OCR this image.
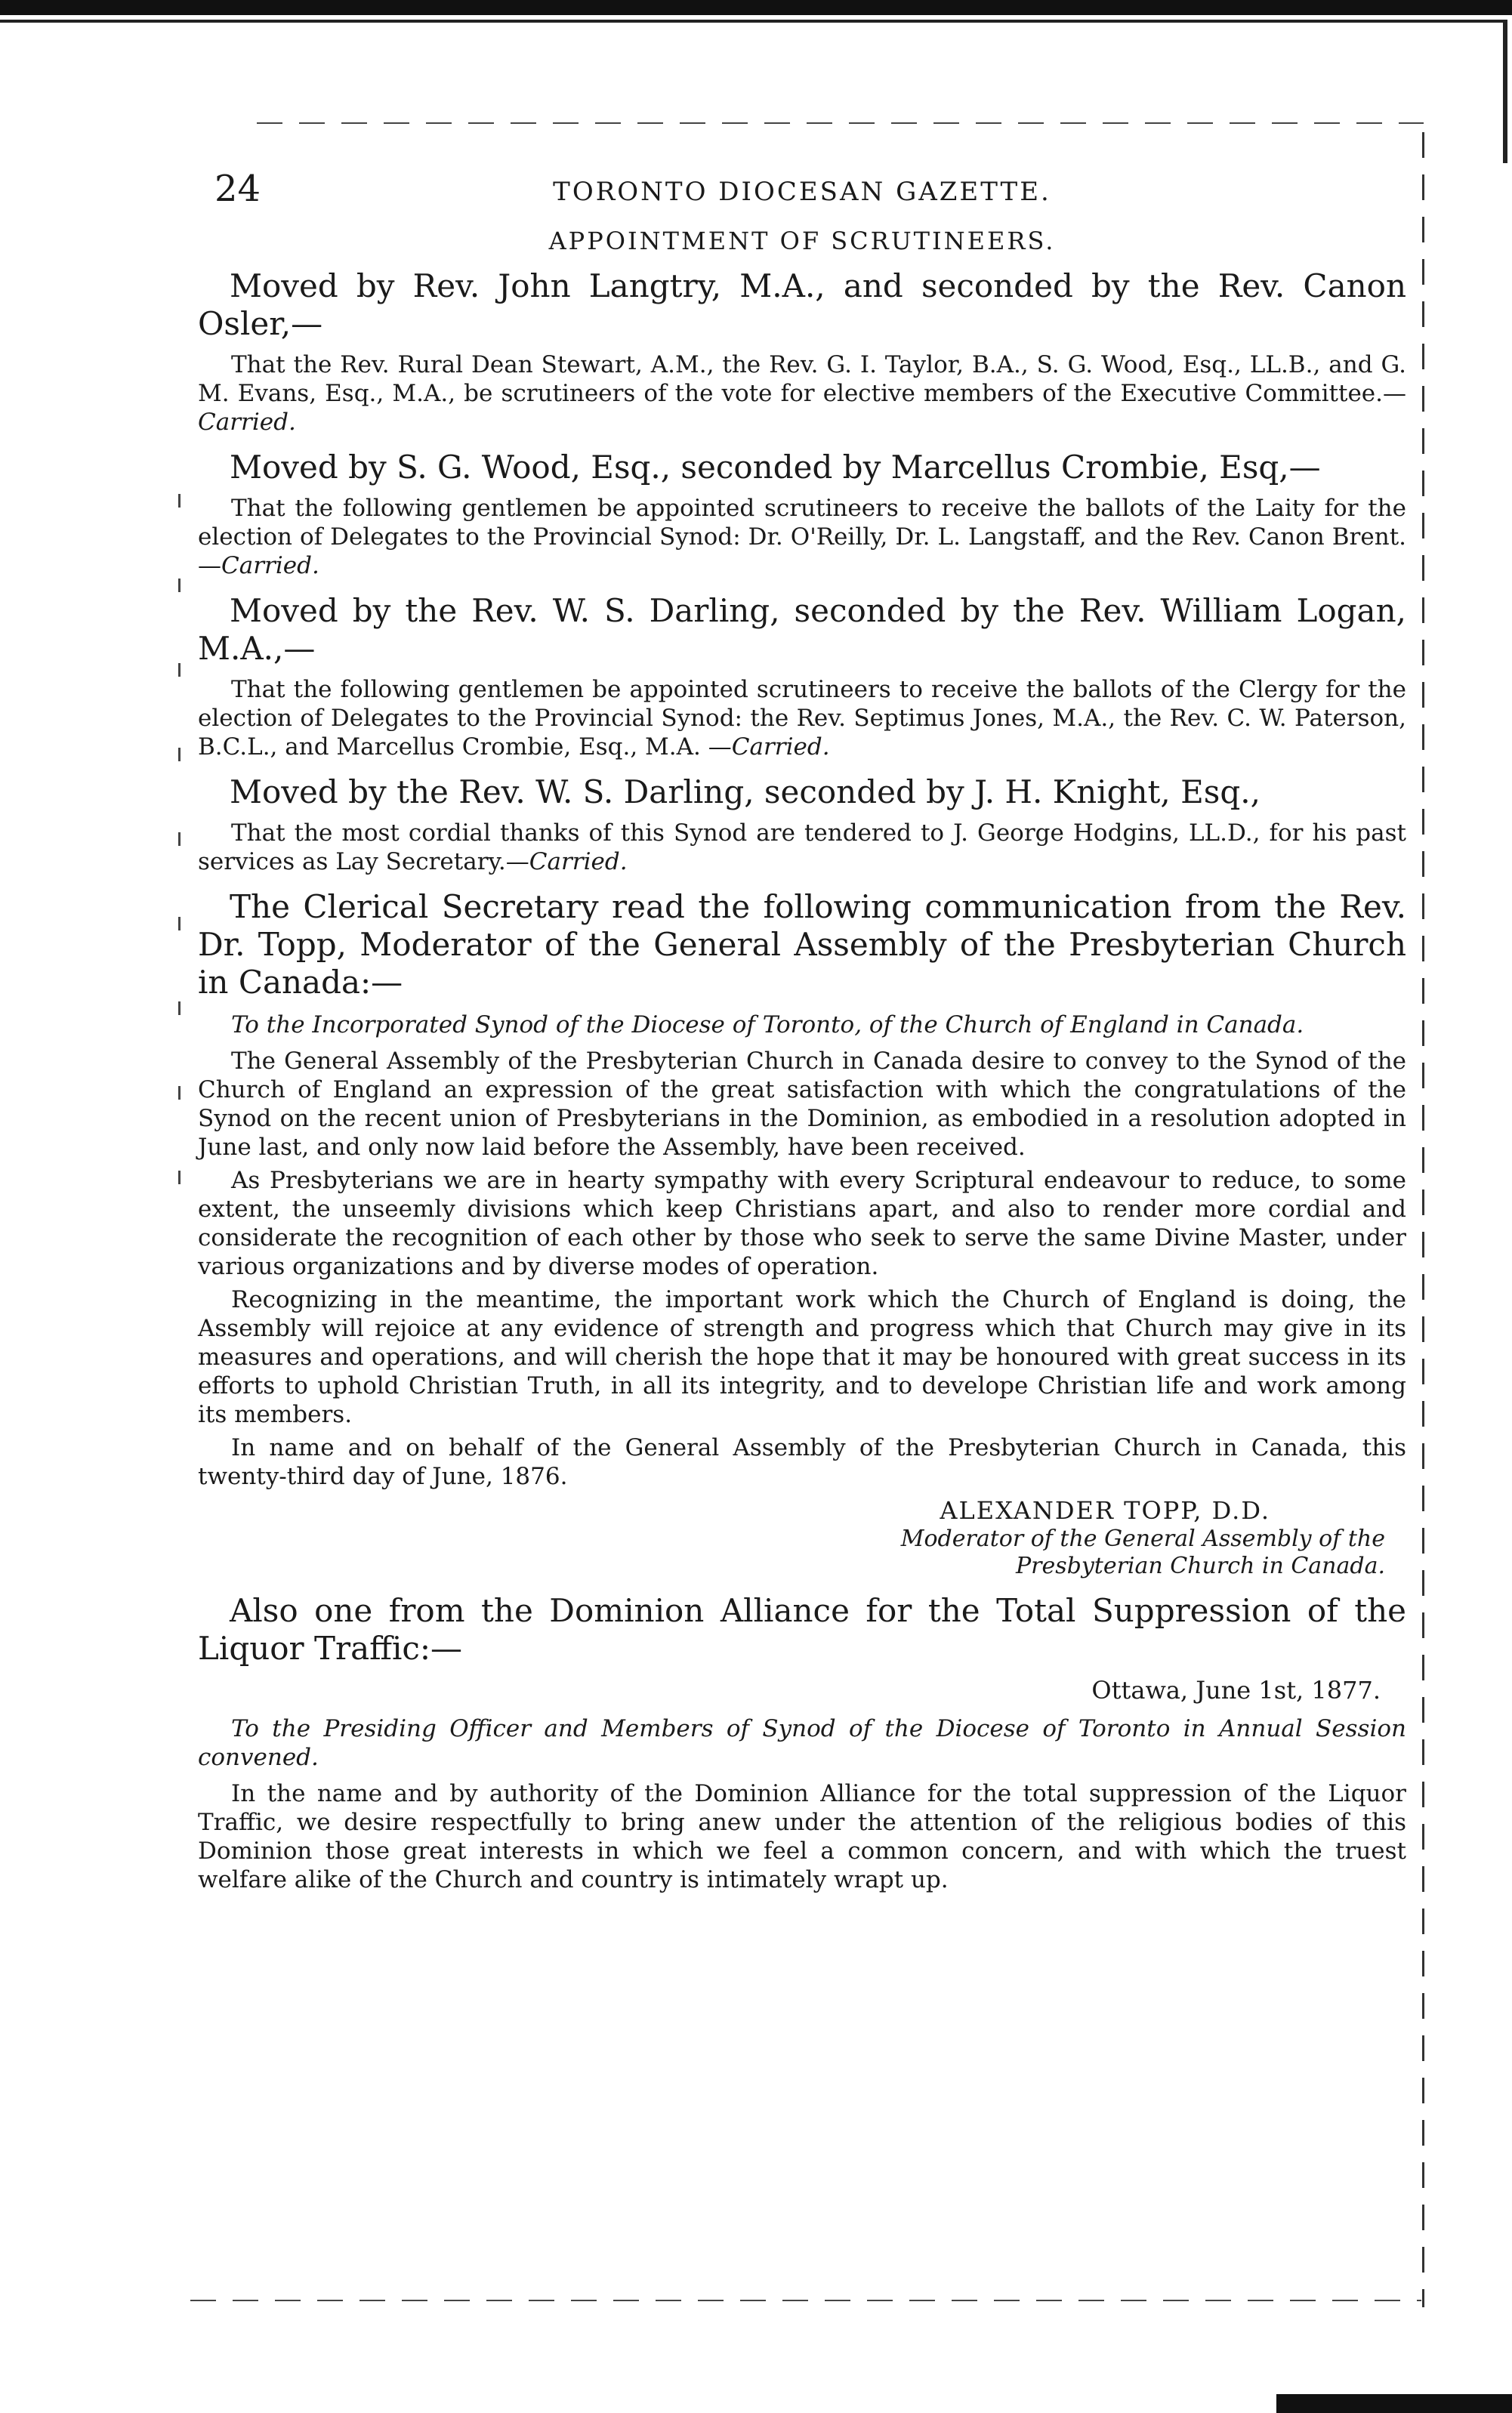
24	TORONTO DIOCESAN GAZETTE.
APPOINTMENT OF SCRUTINEERS.

Moved by Rev. John Langtry, M.A., and seconded by the Rev. Canon Osler,—

That the Rev. Rural Dean Stewart, A.M., the Rev. G. I. Taylor, B.A., S. G. Wood, Esq., LL.B., and G. M. Evans, Esq., M.A., be scrutineers of the vote for elective members of the Executive Committee.—Carried.

Moved by S. G. Wood, Esq., seconded by Marcellus Crombie, Esq,—

That the following gentlemen be appointed scrutineers to receive the ballots of the Laity for the election of Delegates to the Provincial Synod: Dr. O'Reilly, Dr. L. Langstaff, and the Rev. Canon Brent.—Carried.

Moved by the Rev. W. S. Darling, seconded by the Rev. William Logan, M.A.,—

That the following gentlemen be appointed scrutineers to receive the ballots of the Clergy for the election of Delegates to the Provincial Synod: the Rev. Septimus Jones, M.A., the Rev. C. W. Paterson, B.C.L., and Marcellus Crombie, Esq., M.A. —Carried.

Moved by the Rev. W. S. Darling, seconded by J. H. Knight, Esq.,

That the most cordial thanks of this Synod are tendered to J. George Hodgins, LL.D., for his past services as Lay Secretary.—Carried.

The Clerical Secretary read the following communication from the Rev. Dr. Topp, Moderator of the General Assembly of the Presbyterian Church in Canada:—

To the Incorporated Synod of the Diocese of Toronto, of the Church of England in Canada.

The General Assembly of the Presbyterian Church in Canada desire to convey to the Synod of the Church of England an expression of the great satisfaction with which the congratulations of the Synod on the recent union of Presbyterians in the Dominion, as embodied in a resolution adopted in June last, and only now laid before the Assembly, have been received.

As Presbyterians we are in hearty sympathy with every Scriptural endeavour to reduce, to some extent, the unseemly divisions which keep Christians apart, and also to render more cordial and considerate the recognition of each other by those who seek to serve the same Divine Master, under various organizations and by diverse modes of operation.

Recognizing in the meantime, the important work which the Church of England is doing, the Assembly will rejoice at any evidence of strength and progress which that Church may give in its measures and operations, and will cherish the hope that it may be honoured with great success in its efforts to uphold Christian Truth, in all its integrity, and to develope Christian life and work among its members.

In name and on behalf of the General Assembly of the Presbyterian Church in Canada, this twenty-third day of June, 1876.

ALEXANDER TOPP, D.D.
Moderator of the General Assembly of the
Presbyterian Church in Canada.

Also one from the Dominion Alliance for the Total Suppression of the Liquor Traffic:—

Ottawa, June 1st, 1877.

To the Presiding Officer and Members of Synod of the Diocese of Toronto in Annual Session convened.

In the name and by authority of the Dominion Alliance for the total suppression of the Liquor Traffic, we desire respectfully to bring anew under the attention of the religious bodies of this Dominion those great interests in which we feel a common concern, and with which the truest welfare alike of the Church and country is intimately wrapt up.
